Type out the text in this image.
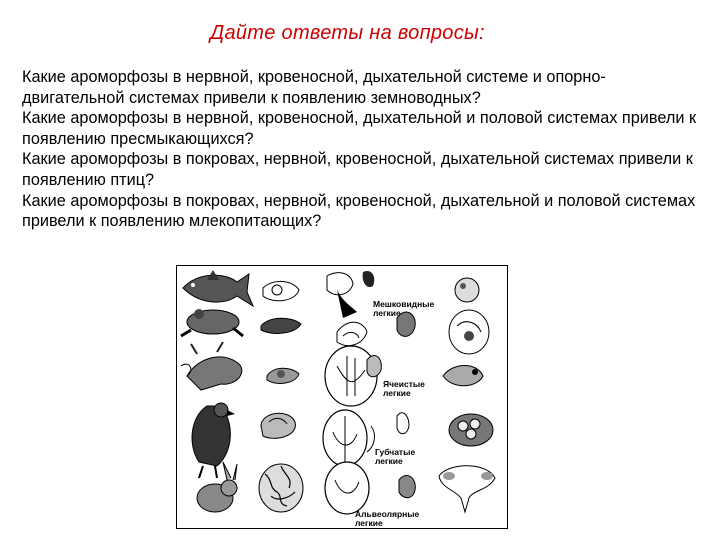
Дайте ответы на вопросы:

Какие ароморфозы в нервной, кровеносной, дыхательной системе и опорно-двигательной системах привели к появлению земноводных?

Какие ароморфозы в нервной, кровеносной, дыхательной и половой системах привели к появлению пресмыкающихся?

Какие ароморфозы в покровах, нервной, кровеносной, дыхательной системах привели к появлению птиц?

Какие ароморфозы в покровах, нервной, кровеносной, дыхательной и половой системах привели к появлению млекопитающих?

Мешковидные легкие
Ячеистые легкие
Губчатые легкие
Альвеолярные легкие
